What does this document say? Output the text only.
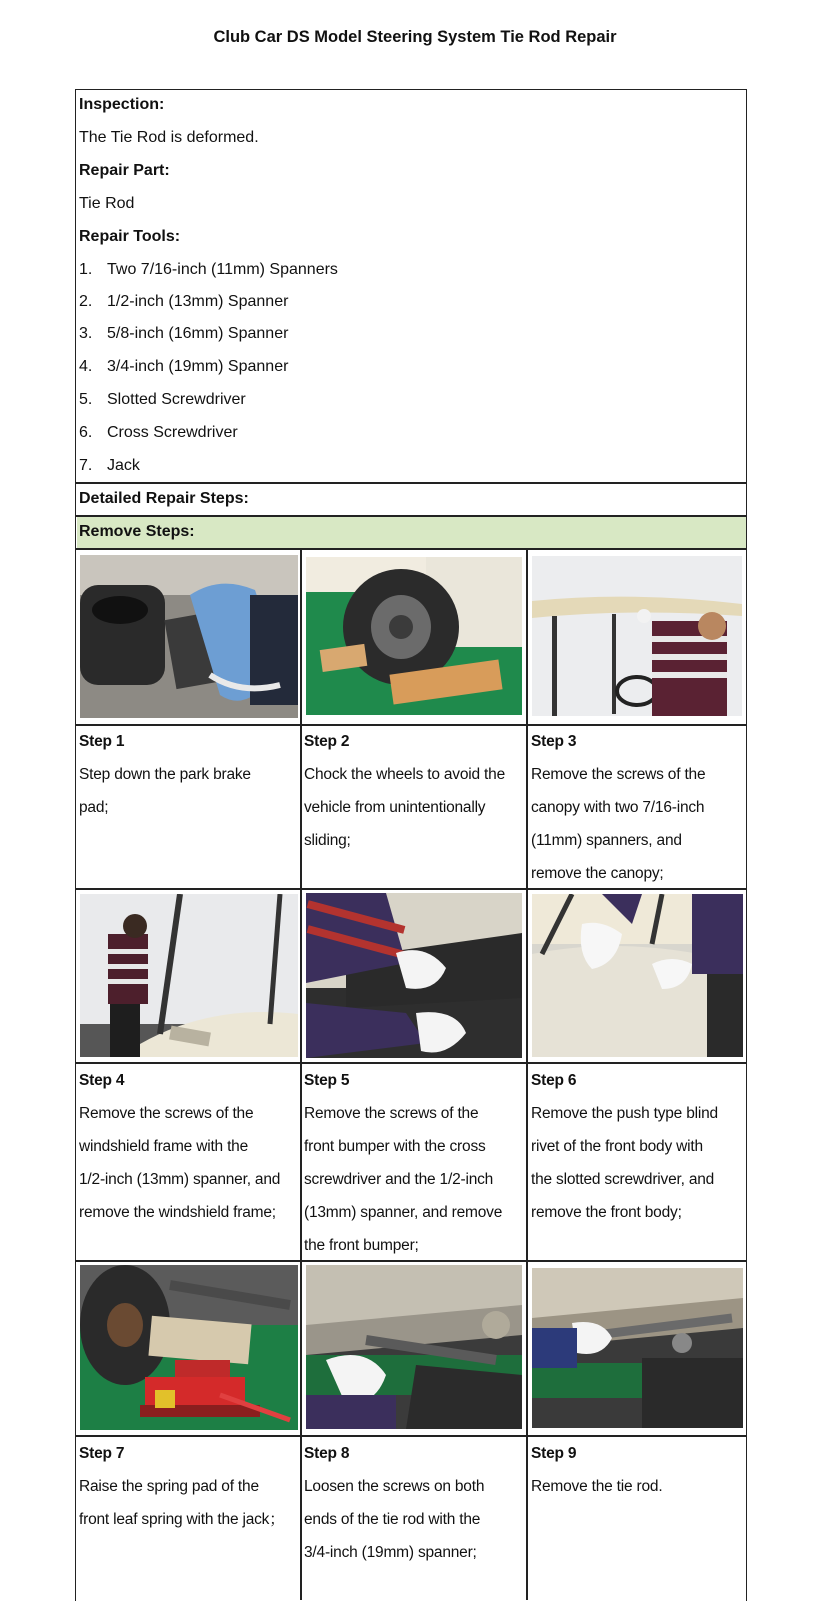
Club Car DS Model Steering System Tie Rod Repair
Inspection:
The Tie Rod is deformed.
Repair Part:
Tie Rod
Repair Tools:
1. Two 7/16-inch (11mm) Spanners
2. 1/2-inch (13mm) Spanner
3. 5/8-inch (16mm) Spanner
4. 3/4-inch (19mm) Spanner
5. Slotted Screwdriver
6. Cross Screwdriver
7. Jack
Detailed Repair Steps:
Remove Steps:
Step 1
Step down the park brake
pad;
Step 2
Chock the wheels to avoid the
vehicle from unintentionally
sliding;
Step 3
Remove the screws of the
canopy with two 7/16-inch
(11mm) spanners, and
remove the canopy;
Step 4
Remove the screws of the
windshield frame with the
1/2-inch (13mm) spanner, and
remove the windshield frame;
Step 5
Remove the screws of the
front bumper with the cross
screwdriver and the 1/2-inch
(13mm) spanner, and remove
the front bumper;
Step 6
Remove the push type blind
rivet of the front body with
the slotted screwdriver, and
remove the front body;
Step 7
Raise the spring pad of the
front leaf spring with the jack；
Step 8
Loosen the screws on both
ends of the tie rod with the
3/4-inch (19mm) spanner;
Step 9
Remove the tie rod.
